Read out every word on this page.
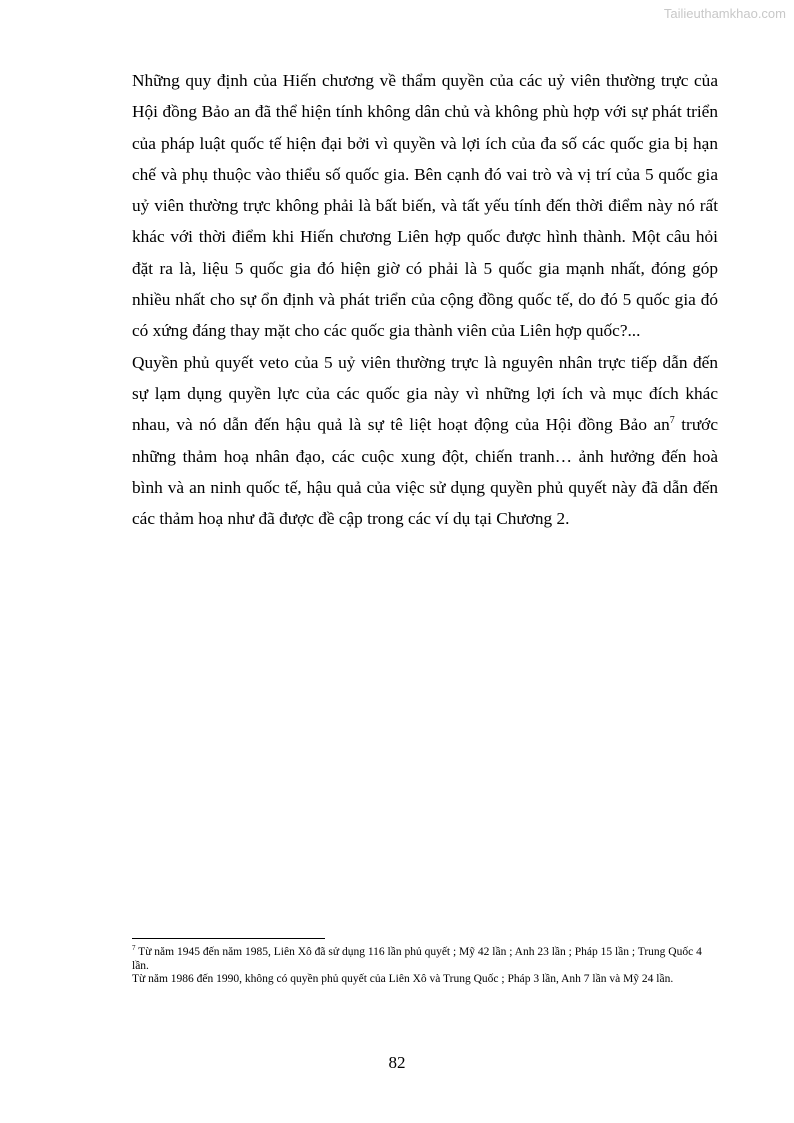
Tailieuthamkhao.com

Những quy định của Hiến chương về thẩm quyền của các uỷ viên thường trực của Hội đồng Bảo an đã thể hiện tính không dân chủ và không phù hợp với sự phát triển của pháp luật quốc tế hiện đại bởi vì quyền và lợi ích của đa số các quốc gia bị hạn chế và phụ thuộc vào thiểu số quốc gia. Bên cạnh đó vai trò và vị trí của 5 quốc gia uỷ viên thường trực không phải là bất biến, và tất yếu tính đến thời điểm này nó rất khác với thời điểm khi Hiến chương Liên hợp quốc được hình thành. Một câu hỏi đặt ra là, liệu 5 quốc gia đó hiện giờ có phải là 5 quốc gia mạnh nhất, đóng góp nhiều nhất cho sự ổn định và phát triển của cộng đồng quốc tế, do đó 5 quốc gia đó có xứng đáng thay mặt cho các quốc gia thành viên của Liên hợp quốc?...

Quyền phủ quyết veto của 5 uỷ viên thường trực là nguyên nhân trực tiếp dẫn đến sự lạm dụng quyền lực của các quốc gia này vì những lợi ích và mục đích khác nhau, và nó dẫn đến hậu quả là sự tê liệt hoạt động của Hội đồng Bảo $an^7$ trước những thảm hoạ nhân đạo, các cuộc xung đột, chiến tranh… ảnh hưởng đến hoà bình và an ninh quốc tế, hậu quả của việc sử dụng quyền phủ quyết này đã dẫn đến các thảm hoạ như đã được đề cập trong các ví dụ tại Chương 2.

$^7$ Từ năm 1945 đến năm 1985, Liên Xô đã sử dụng 116 lần phủ quyết ; Mỹ 42 lần ; Anh 23 lần ; Pháp 15 lần ; Trung Quốc 4 lần.

Từ năm 1986 đến 1990, không có quyền phủ quyết của Liên Xô và Trung Quốc ; Pháp 3 lần, Anh 7 lần và Mỹ 24 lần.

82
